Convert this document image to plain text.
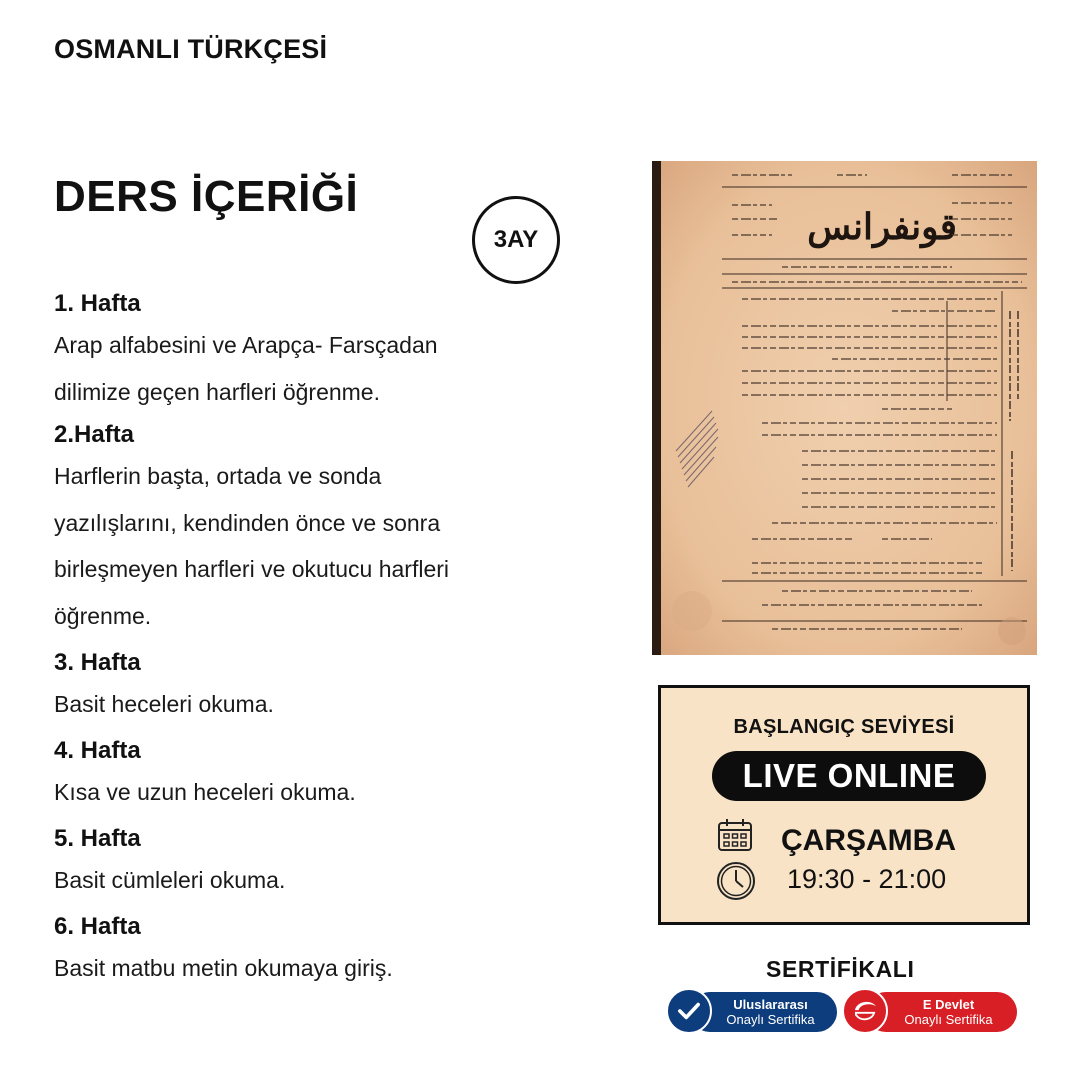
OSMANLI TÜRKÇESİ
DERS İÇERİĞİ
3AY
1. Hafta
Arap alfabesini ve Arapça- Farsçadan
dilimize geçen harfleri öğrenme.
2.Hafta
Harflerin başta, ortada ve sonda
yazılışlarını, kendinden önce ve sonra
birleşmeyen harfleri ve okutucu harfleri
öğrenme.
3. Hafta
Basit heceleri okuma.
4. Hafta
Kısa ve uzun heceleri okuma.
5. Hafta
Basit cümleleri okuma.
6. Hafta
Basit matbu metin okumaya giriş.
قونفرانس
BAŞLANGIÇ SEVİYESİ
LIVE ONLINE
ÇARŞAMBA
19:30 - 21:00
SERTİFİKALI
Uluslararası
Onaylı Sertifika
E Devlet
Onaylı Sertifika
